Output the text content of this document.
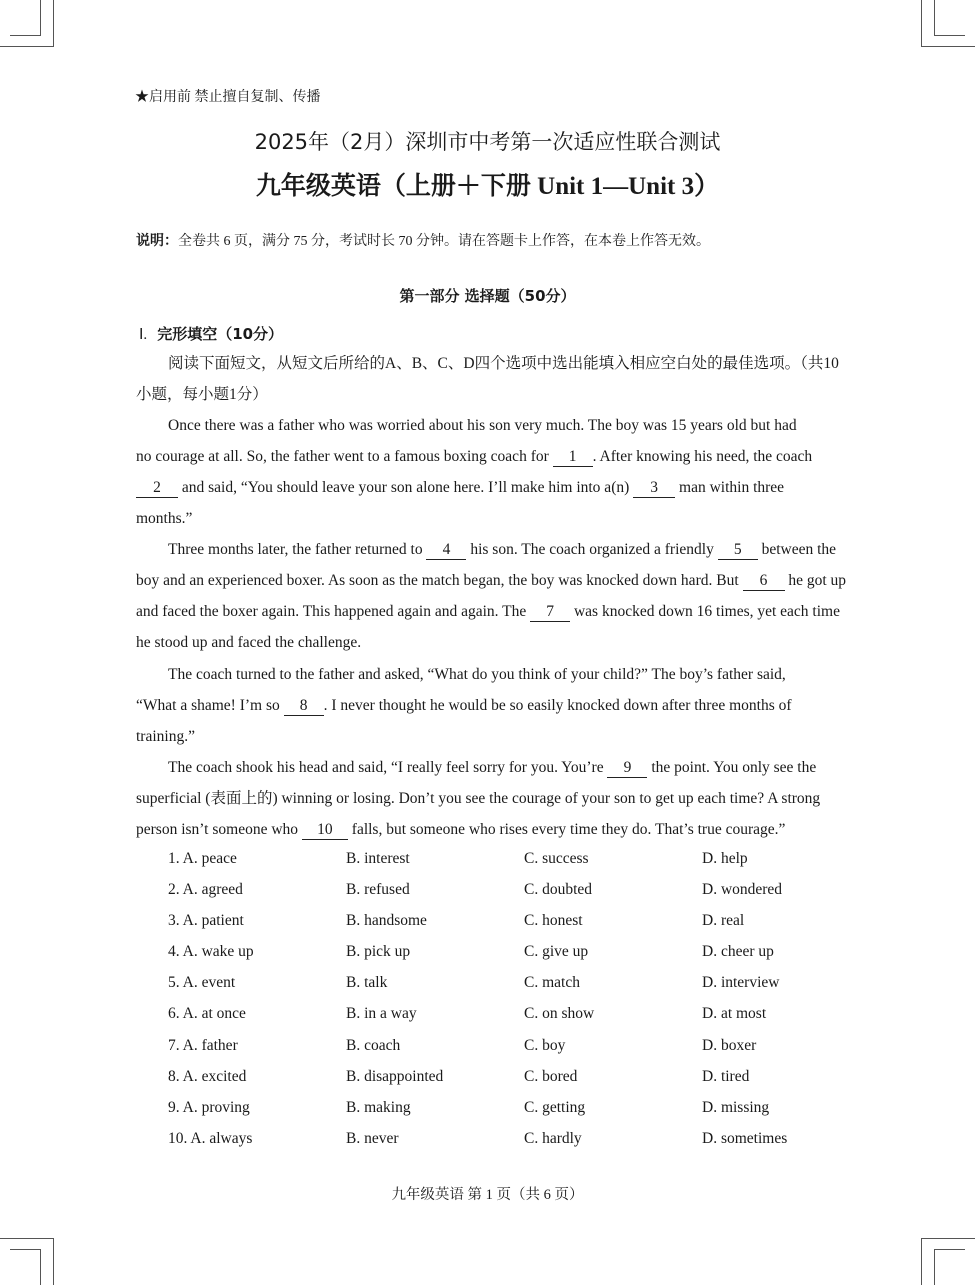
★启用前 禁止擅自复制、传播
2025年（2月）深圳市中考第一次适应性联合测试
九年级英语（上册＋下册 Unit 1—Unit 3）
说明：全卷共 6 页，满分 75 分，考试时长 70 分钟。请在答题卡上作答，在本卷上作答无效。
第一部分 选择题（50分）
Ⅰ. 完形填空（10分）
阅读下面短文，从短文后所给的A、B、C、D四个选项中选出能填入相应空白处的最佳选项。（共10
小题，每小题1分）
Once there was a father who was worried about his son very much. The boy was 15 years old but had
no courage at all. So, the father went to a famous boxing coach for 1 . After knowing his need, the coach
2 and said, “You should leave your son alone here. I’ll make him into a(n) 3 man within three
months.”
Three months later, the father returned to 4 his son. The coach organized a friendly 5 between the
boy and an experienced boxer. As soon as the match began, the boy was knocked down hard. But 6 he got up
and faced the boxer again. This happened again and again. The 7 was knocked down 16 times, yet each time
he stood up and faced the challenge.
The coach turned to the father and asked, “What do you think of your child?” The boy’s father said,
“What a shame! I’m so 8 . I never thought he would be so easily knocked down after three months of
training.”
The coach shook his head and said, “I really feel sorry for you. You’re 9 the point. You only see the
superficial (表面上的) winning or losing. Don’t you see the courage of your son to get up each time? A strong
person isn’t someone who 10 falls, but someone who rises every time they do. That’s true courage.”
1. A. peace	B. interest	C. success	D. help
2. A. agreed	B. refused	C. doubted	D. wondered
3. A. patient	B. handsome	C. honest	D. real
4. A. wake up	B. pick up	C. give up	D. cheer up
5. A. event	B. talk	C. match	D. interview
6. A. at once	B. in a way	C. on show	D. at most
7. A. father	B. coach	C. boy	D. boxer
8. A. excited	B. disappointed	C. bored	D. tired
9. A. proving	B. making	C. getting	D. missing
10. A. always	B. never	C. hardly	D. sometimes
九年级英语 第 1 页（共 6 页）
